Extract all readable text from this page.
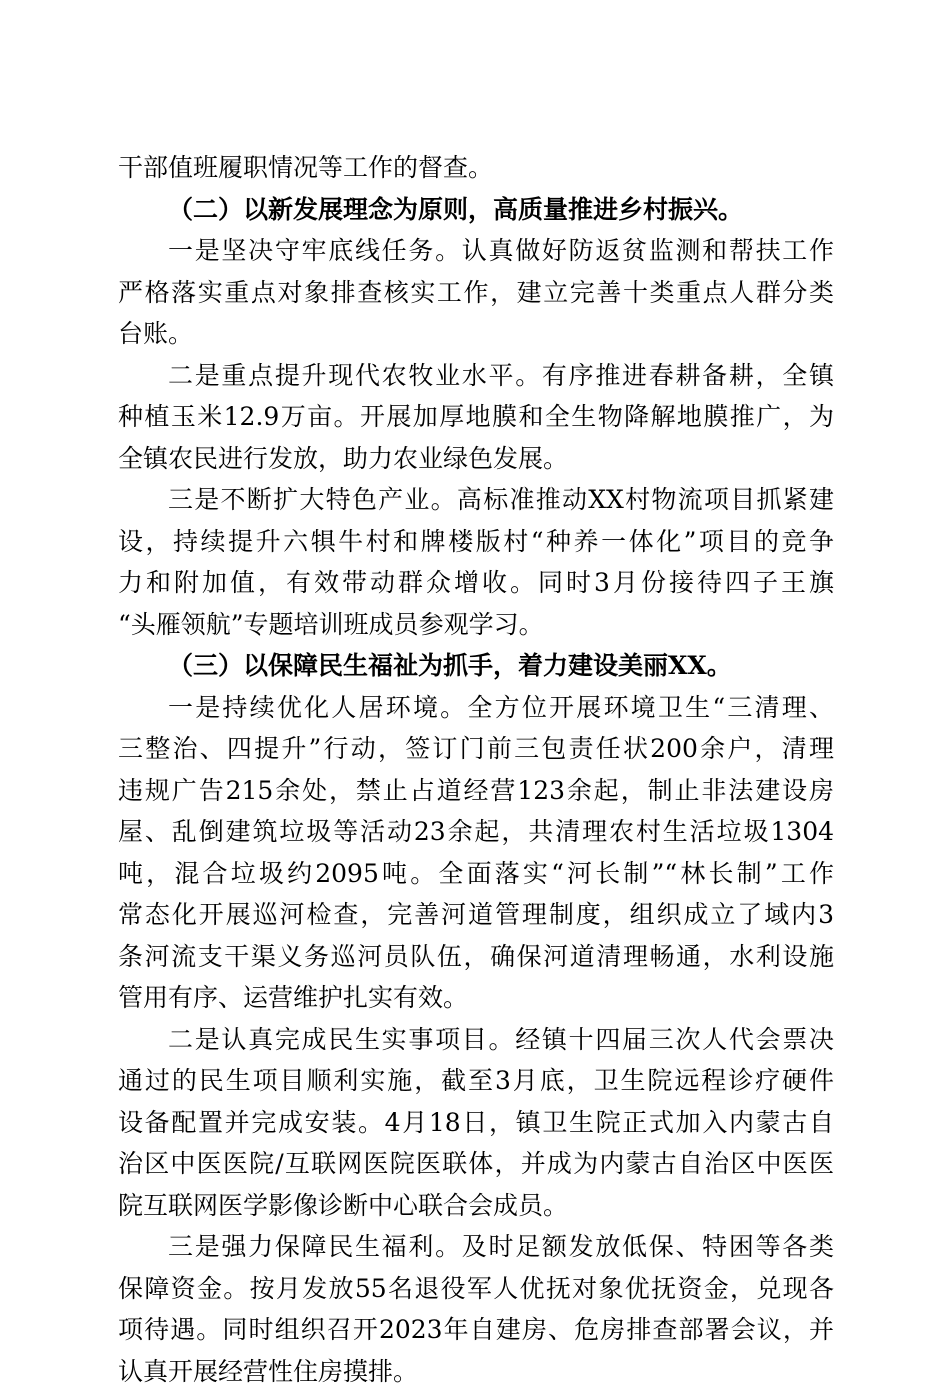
干部值班履职情况等工作的督查。
（二）以新发展理念为原则，高质量推进乡村振兴。
一是坚决守牢底线任务。认真做好防返贫监测和帮扶工作
严格落实重点对象排查核实工作，建立完善十类重点人群分类
台账。
二是重点提升现代农牧业水平。有序推进春耕备耕，全镇
种植玉米12.9万亩。开展加厚地膜和全生物降解地膜推广，为
全镇农民进行发放，助力农业绿色发展。
三是不断扩大特色产业。高标准推动XX村物流项目抓紧建
设，持续提升六犋牛村和牌楼版村“种养一体化”项目的竞争
力和附加值，有效带动群众增收。同时3月份接待四子王旗
“头雁领航”专题培训班成员参观学习。
（三）以保障民生福祉为抓手，着力建设美丽XX。
一是持续优化人居环境。全方位开展环境卫生“三清理、
三整治、四提升”行动，签订门前三包责任状200余户，清理
违规广告215余处，禁止占道经营123余起，制止非法建设房
屋、乱倒建筑垃圾等活动23余起，共清理农村生活垃圾1304
吨，混合垃圾约2095吨。全面落实“河长制”“林长制”工作
常态化开展巡河检查，完善河道管理制度，组织成立了域内3
条河流支干渠义务巡河员队伍，确保河道清理畅通，水利设施
管用有序、运营维护扎实有效。
二是认真完成民生实事项目。经镇十四届三次人代会票决
通过的民生项目顺利实施，截至3月底，卫生院远程诊疗硬件
设备配置并完成安装。4月18日，镇卫生院正式加入内蒙古自
治区中医医院/互联网医院医联体，并成为内蒙古自治区中医医
院互联网医学影像诊断中心联合会成员。
三是强力保障民生福利。及时足额发放低保、特困等各类
保障资金。按月发放55名退役军人优抚对象优抚资金，兑现各
项待遇。同时组织召开2023年自建房、危房排查部署会议，并
认真开展经营性住房摸排。
